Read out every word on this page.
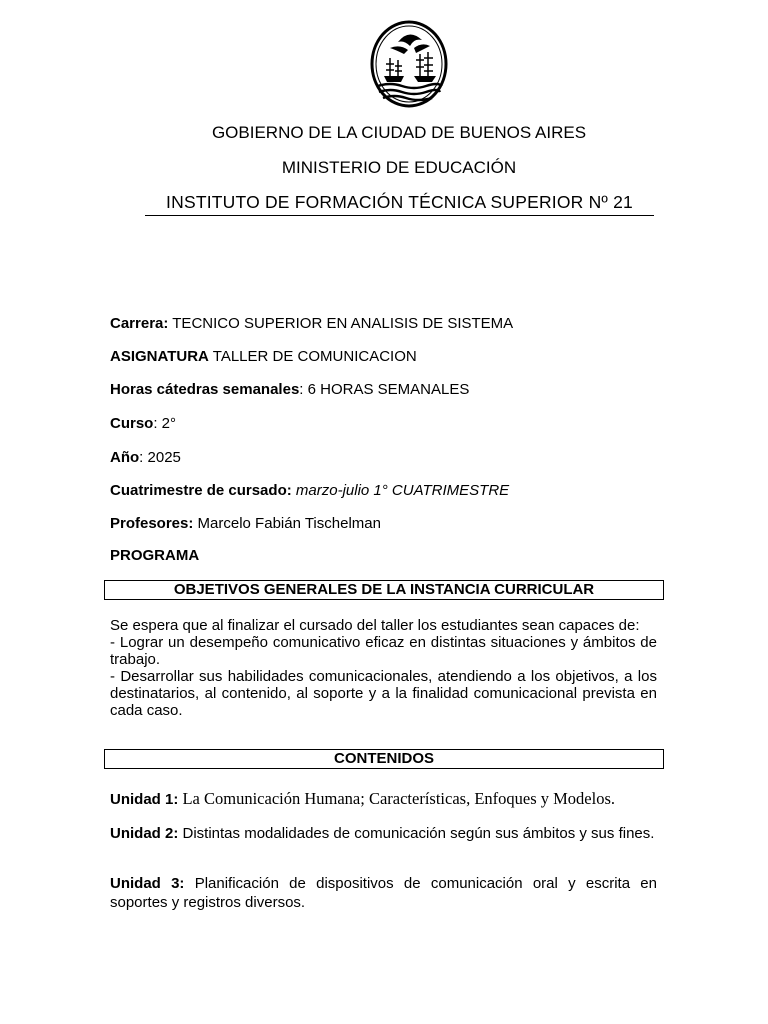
GOBIERNO DE LA CIUDAD DE BUENOS AIRES
MINISTERIO DE EDUCACIÓN
INSTITUTO DE FORMACIÓN TÉCNICA SUPERIOR Nº 21
Carrera: TECNICO SUPERIOR EN ANALISIS DE SISTEMA
ASIGNATURA TALLER DE COMUNICACION
Horas cátedras semanales: 6 HORAS SEMANALES
Curso: 2°
Año: 2025
Cuatrimestre de cursado: marzo-julio 1° CUATRIMESTRE
Profesores: Marcelo Fabián Tischelman
PROGRAMA
OBJETIVOS GENERALES DE LA INSTANCIA CURRICULAR
Se espera que al finalizar el cursado del taller los estudiantes sean capaces de:
- Lograr un desempeño comunicativo eficaz en distintas situaciones y ámbitos de trabajo.
- Desarrollar sus habilidades comunicacionales, atendiendo a los objetivos, a los destinatarios, al contenido, al soporte y a la finalidad comunicacional prevista en cada caso.
CONTENIDOS
Unidad 1: La Comunicación Humana; Características, Enfoques y Modelos.
Unidad 2: Distintas modalidades de comunicación según sus ámbitos y sus fines.
Unidad 3: Planificación de dispositivos de comunicación oral y escrita en soportes y registros diversos.
